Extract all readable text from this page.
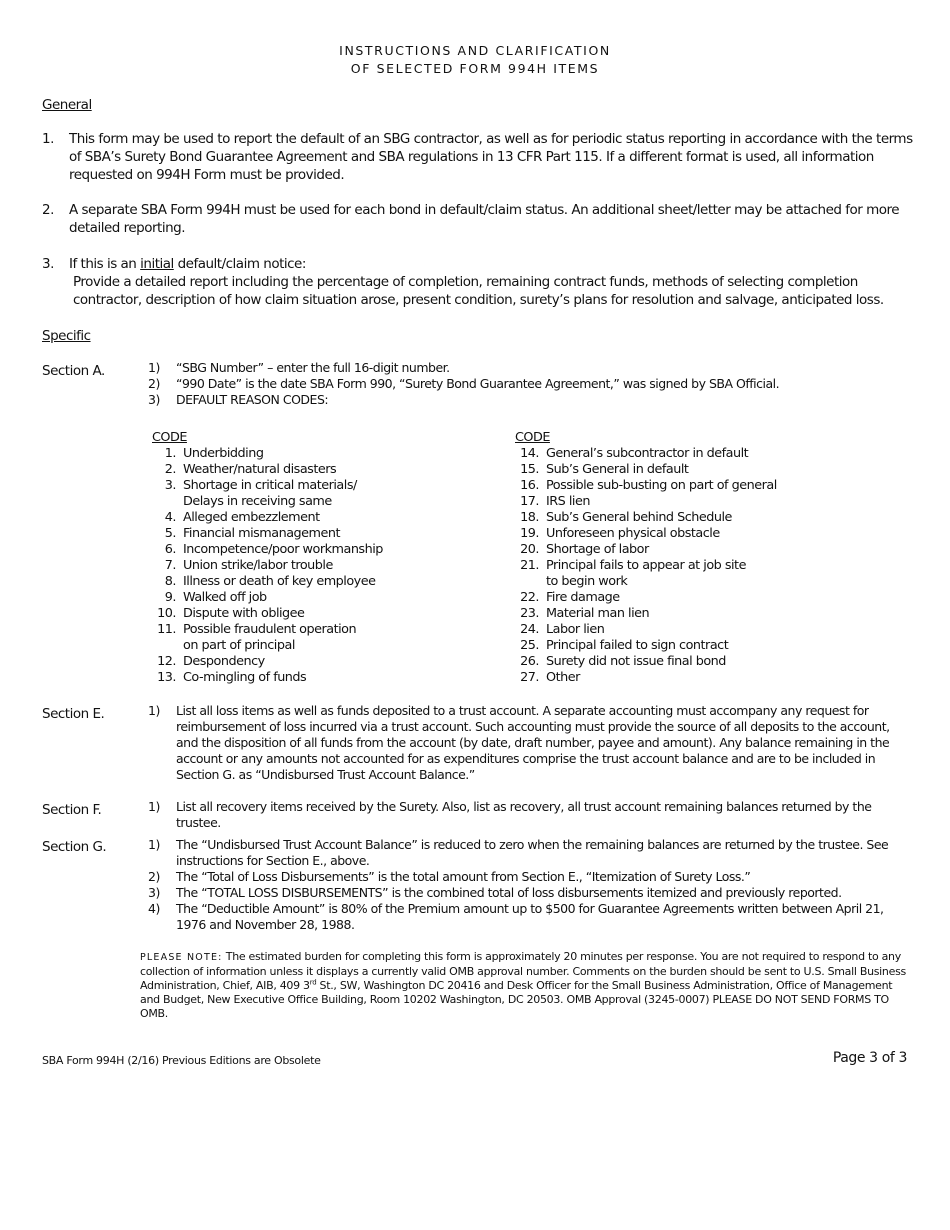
INSTRUCTIONS AND CLARIFICATION
OF SELECTED FORM 994H ITEMS
General
1.	This form may be used to report the default of an SBG contractor, as well as for periodic status reporting in accordance with the terms of SBA’s Surety Bond Guarantee Agreement and SBA regulations in 13 CFR Part 115. If a different format is used, all information requested on 994H Form must be provided.
2.	A separate SBA Form 994H must be used for each bond in default/claim status. An additional sheet/letter may be attached for more detailed reporting.
3.	If this is an initial default/claim notice:
Provide a detailed report including the percentage of completion, remaining contract funds, methods of selecting completion contractor, description of how claim situation arose, present condition, surety’s plans for resolution and salvage, anticipated loss.
Specific
Section A.	1) “SBG Number” – enter the full 16-digit number.
2) “990 Date” is the date SBA Form 990, “Surety Bond Guarantee Agreement,” was signed by SBA Official.
3) DEFAULT REASON CODES:
CODE
1. Underbidding
2. Weather/natural disasters
3. Shortage in critical materials/
Delays in receiving same
4. Alleged embezzlement
5. Financial mismanagement
6. Incompetence/poor workmanship
7. Union strike/labor trouble
8. Illness or death of key employee
9. Walked off job
10. Dispute with obligee
11. Possible fraudulent operation
on part of principal
12. Despondency
13. Co-mingling of funds
CODE
14. General’s subcontractor in default
15. Sub’s General in default
16. Possible sub-busting on part of general
17. IRS lien
18. Sub’s General behind Schedule
19. Unforeseen physical obstacle
20. Shortage of labor
21. Principal fails to appear at job site
to begin work
22. Fire damage
23. Material man lien
24. Labor lien
25. Principal failed to sign contract
26. Surety did not issue final bond
27. Other
Section E.	1) List all loss items as well as funds deposited to a trust account. A separate accounting must accompany any request for reimbursement of loss incurred via a trust account. Such accounting must provide the source of all deposits to the account, and the disposition of all funds from the account (by date, draft number, payee and amount). Any balance remaining in the account or any amounts not accounted for as expenditures comprise the trust account balance and are to be included in Section G. as “Undisbursed Trust Account Balance.”
Section F.	1) List all recovery items received by the Surety. Also, list as recovery, all trust account remaining balances returned by the trustee.
Section G.	1) The “Undisbursed Trust Account Balance” is reduced to zero when the remaining balances are returned by the trustee. See instructions for Section E., above.
2) The “Total of Loss Disbursements” is the total amount from Section E., “Itemization of Surety Loss.”
3) The “TOTAL LOSS DISBURSEMENTS” is the combined total of loss disbursements itemized and previously reported.
4) The “Deductible Amount” is 80% of the Premium amount up to $500 for Guarantee Agreements written between April 21, 1976 and November 28, 1988.
PLEASE NOTE: The estimated burden for completing this form is approximately 20 minutes per response. You are not required to respond to any collection of information unless it displays a currently valid OMB approval number. Comments on the burden should be sent to U.S. Small Business Administration, Chief, AIB, 409 3rd St., SW, Washington DC 20416 and Desk Officer for the Small Business Administration, Office of Management and Budget, New Executive Office Building, Room 10202 Washington, DC 20503. OMB Approval (3245-0007) PLEASE DO NOT SEND FORMS TO OMB.
SBA Form 994H (2/16) Previous Editions are Obsolete	Page 3 of 3
